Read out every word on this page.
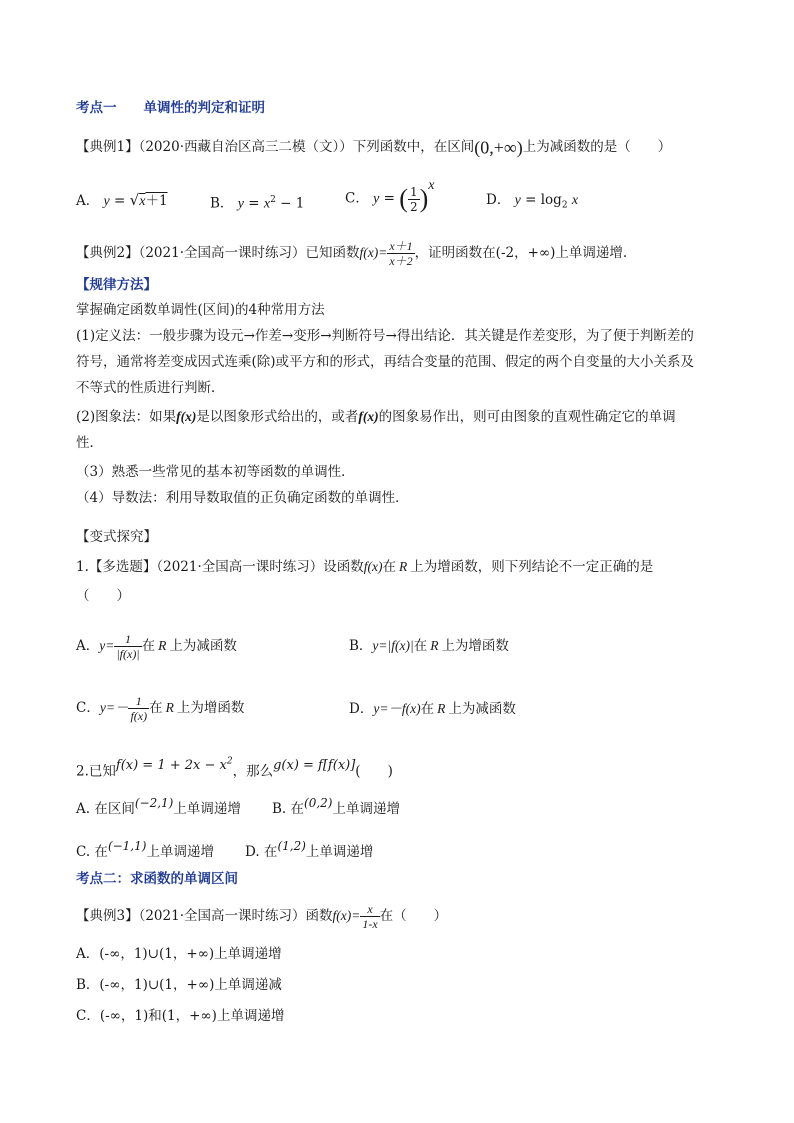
考点一　　单调性的判定和证明
【典例1】（2020·西藏自治区高三二模（文））下列函数中，在区间(0,+∞)上为减函数的是（　　）
A． y = √x＋1	B． $y = x^2 - 1$	C． y = ( $\frac{1}{2} )^x$
D． $y = \log_2 x$
【典例2】（2021·全国高一课时练习）已知函数$f(x)= \frac{x+1}{x+2}$ ，证明函数在(-2，+∞)上单调递增.
【规律方法】
掌握确定函数单调性(区间)的4种常用方法
(1)定义法：一般步骤为设元→作差→变形→判断符号→得出结论．其关键是作差变形，为了便于判断差的
符号，通常将差变成因式连乘(除)或平方和的形式，再结合变量的范围、假定的两个自变量的大小关系及
不等式的性质进行判断．
(2)图象法：如果f(x)是以图象形式给出的，或者f(x)的图象易作出，则可由图象的直观性确定它的单调
性．
（3）熟悉一些常见的基本初等函数的单调性．
（4）导数法：利用导数取值的正负确定函数的单调性．
【变式探究】
1.【多选题】（2021·全国高一课时练习）设函数f(x)在 R 上为增函数，则下列结论不一定正确的是
（　　）
A．$y= \frac{1}{|f(x)|}$ 在 R 上为减函数	B．y=|f(x)|在 R 上为增函数
C．$y=- \frac{1}{f(x)}$ 在 R 上为增函数	D．y=－f(x)在 R 上为减函数
2.已知$f(x) = 1 + 2x - x^2$，那么g(x) = f[f(x)](　　)
A. 在区间(−2,1)上单调递增 B. 在(0,2)上单调递增
C. 在(−1,1)上单调递增 D. 在(1,2)上单调递增
考点二：求函数的单调区间
【典例3】（2021·全国高一课时练习）函数$f(x)= \frac{x}{1-x}$ 在（　　）
A．(-∞，1)∪(1，+∞)上单调递增
B．(-∞，1)∪(1，+∞)上单调递减
C．(-∞，1)和(1，+∞)上单调递增
